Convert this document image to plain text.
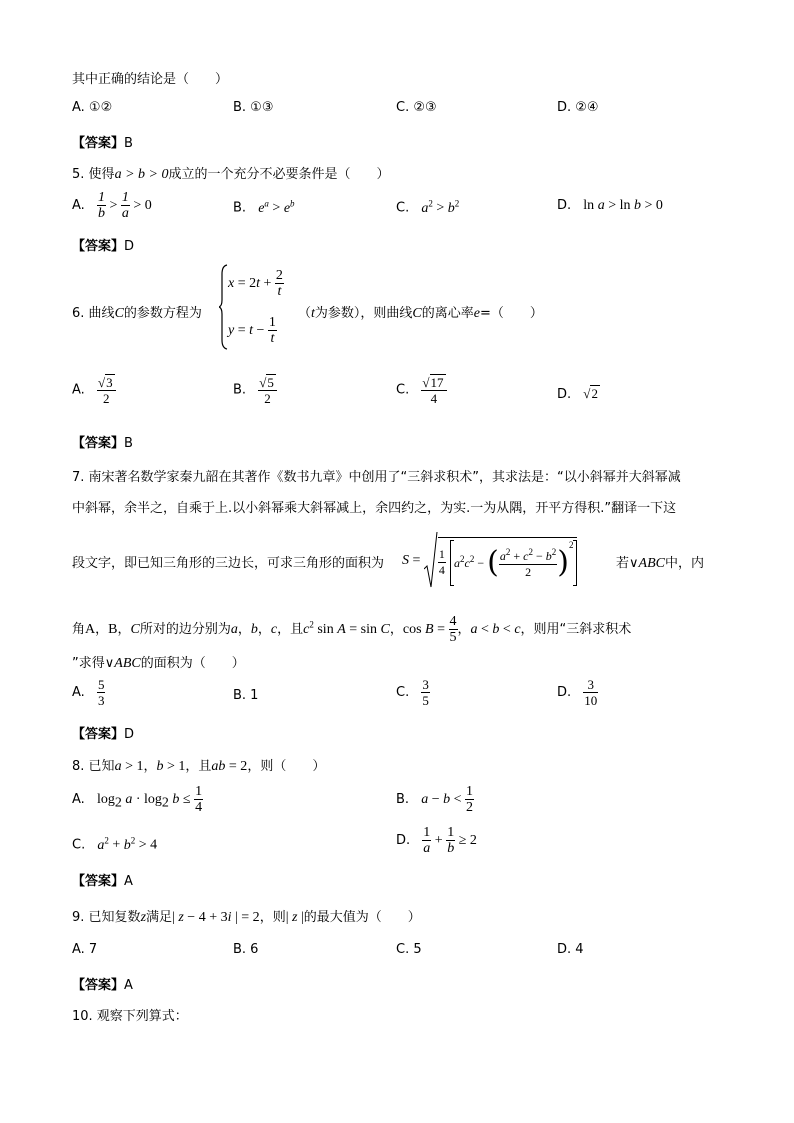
其中正确的结论是（　　）
A. ①②	B. ①③	C. ②③	D. ②④
【答案】B
5. 使得a > b > 0成立的一个充分不必要条件是（　　）
A. $\frac{1}{b} > \frac{1}{a} > 0$	B. $e^a > e^b$	C. $a^2 > b^2$	D. ln a > ln b > 0
【答案】D
6. 曲线C的参数方程为
$x = 2t + \frac{2}{t}$
$y = t - \frac{1}{t}$
（t为参数），则曲线C的离心率e=（　　）
A. $\frac{√3}{2}$	B. $\frac{√5}{2}$	C. $\frac{√17}{4}$	D. √2
【答案】B
7. 南宋著名数学家秦九韶在其著作《数书九章》中创用了“三斜求积术”，其求法是：“以小斜幂并大斜幂减
中斜幂，余半之，自乘于上.以小斜幂乘大斜幂减上，余四约之，为实.一为从隅，开平方得积.”翻译一下这
段文字，即已知三角形的三边长，可求三角形的面积为 $S = \frac{1}{4} a^2c^2$ − ( $\frac{a^2 + c^2 - b^2}{2} )^2$
若∨ABC中，内
角A，B，C所对的边分别为a，b，c，且$c^2$ sin A = sin C，$\cos B = \frac{4}{5}$ ，a < b < c，则用“三斜求积术
”求得∨ABC的面积为（　　）
A. $\frac{5}{3}$	B. 1	C. $\frac{3}{5}$	D. $\frac{3}{10}$
【答案】D
8. 已知a > 1，b > 1，且ab = 2，则（　　）
A. $\log_2 a \cdot \log_2 b \le \frac{1}{4}$	B. $a - b < \frac{1}{2}$
C. $a^2 + b^2 > 4$	D. $\frac{1}{a} + \frac{1}{b} \ge 2$
【答案】A
9. 已知复数z满足| z − 4 + 3i | = 2，则| z |的最大值为（　　）
A. 7	B. 6	C. 5	D. 4
【答案】A
10. 观察下列算式：
